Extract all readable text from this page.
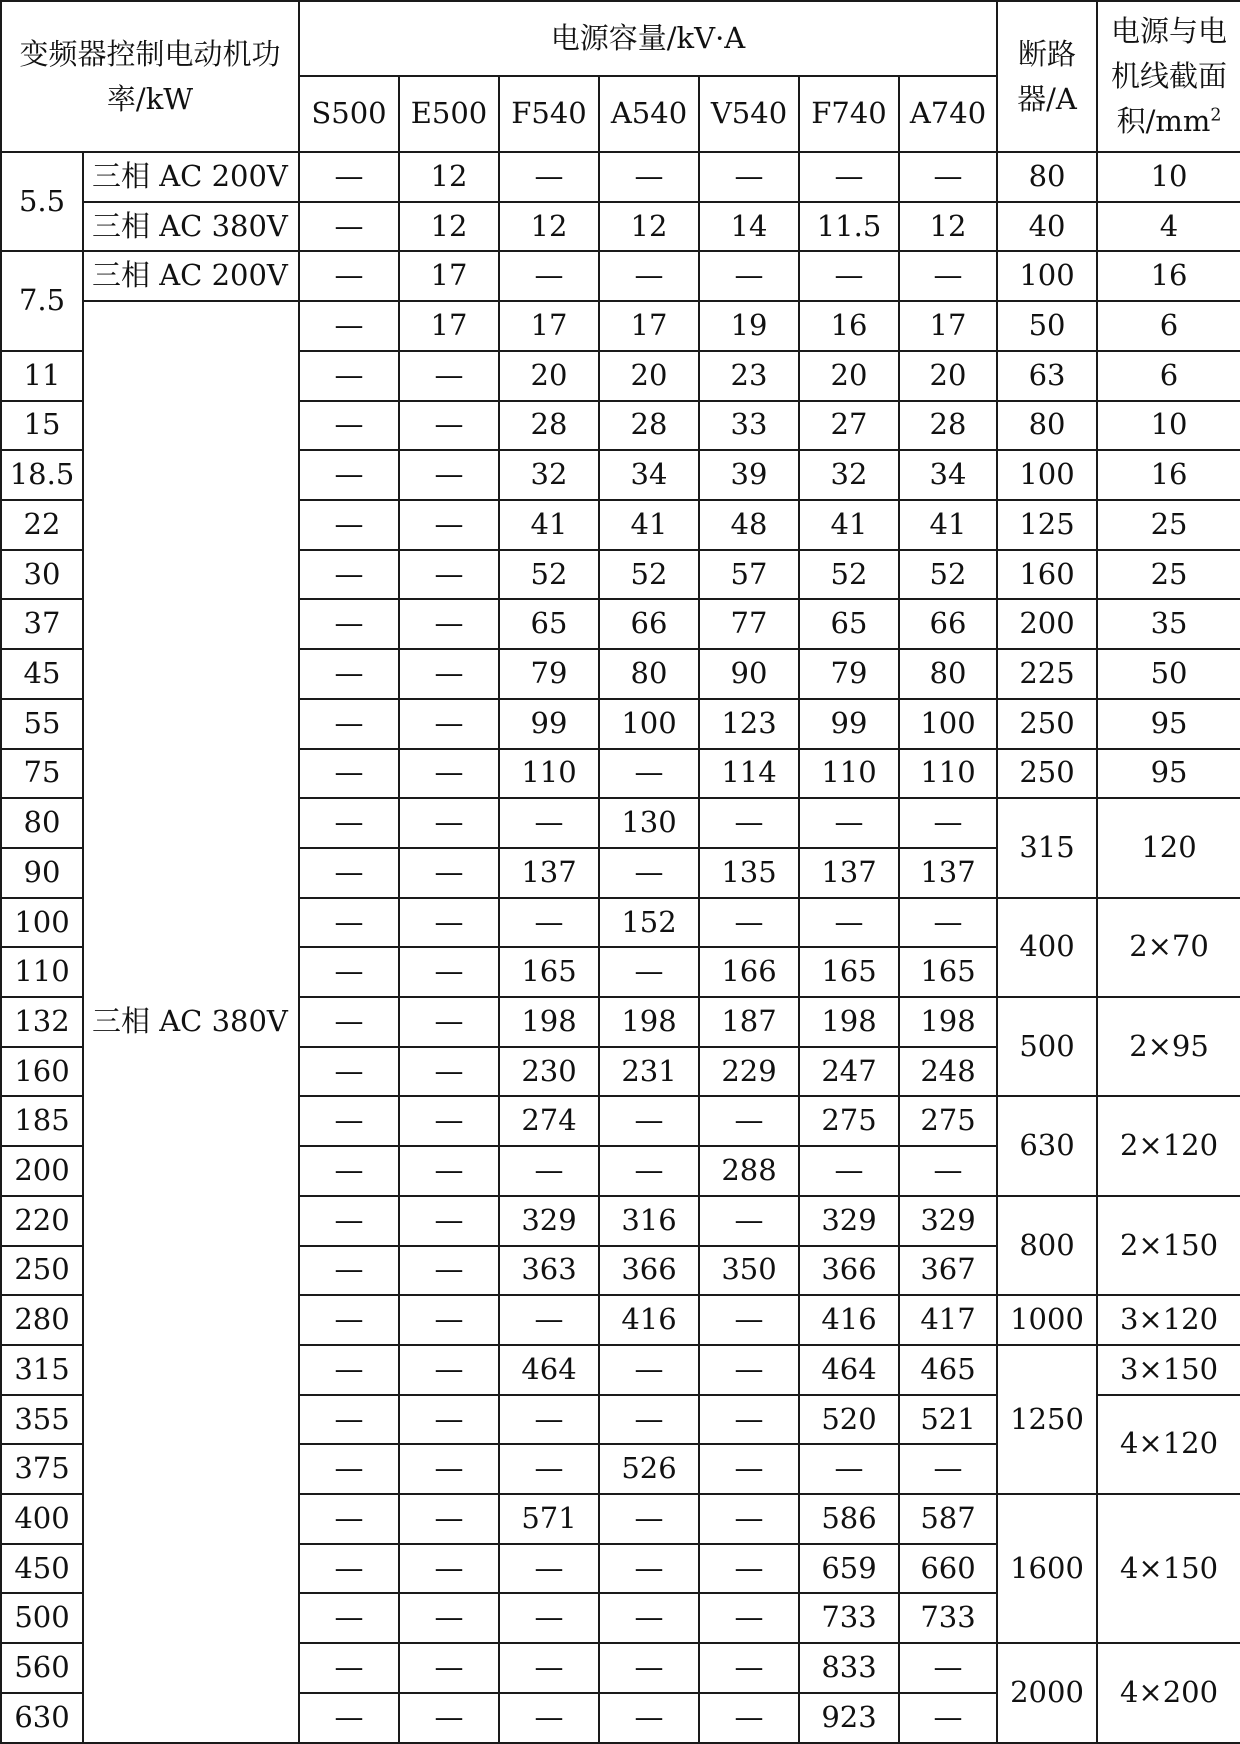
变频器控制电动机功率/kW		电源容量/kV·A							断路器/A	电源与电机线截面积$/mm^2$
		S500	E500	F540	A540	V540	F740	A740		
5.5	三相 AC 200V	—	12	—	—	—	—	—	80	10
	三相 AC 380V	—	12	12	12	14	11.5	12	40	4
7.5	三相 AC 200V	—	17	—	—	—	—	—	100	16
	三相 AC 380V	—	17	17	17	19	16	17	50	6
11		—	—	20	20	23	20	20	63	6
15		—	—	28	28	33	27	28	80	10
18.5		—	—	32	34	39	32	34	100	16
22		—	—	41	41	48	41	41	125	25
30		—	—	52	52	57	52	52	160	25
37		—	—	65	66	77	65	66	200	35
45		—	—	79	80	90	79	80	225	50
55		—	—	99	100	123	99	100	250	95
75		—	—	110	—	114	110	110	250	95
80		—	—	—	130	—	—	—	315	120
90		—	—	137	—	135	137	137		
100		—	—	—	152	—	—	—	400	2×70
110		—	—	165	—	166	165	165		
132		—	—	198	198	187	198	198	500	2×95
160		—	—	230	231	229	247	248		
185		—	—	274	—	—	275	275	630	2×120
200		—	—	—	—	288	—	—		
220		—	—	329	316	—	329	329	800	2×150
250		—	—	363	366	350	366	367		
280		—	—	—	416	—	416	417	1000	3×120
315		—	—	464	—	—	464	465	1250	3×150
355		—	—	—	—	—	520	521		4×120
375		—	—	—	526	—	—	—		
400		—	—	571	—	—	586	587	1600	4×150
450		—	—	—	—	—	659	660		
500		—	—	—	—	—	733	733		
560		—	—	—	—	—	833	—	2000	4×200
630		—	—	—	—	—	923	—		
